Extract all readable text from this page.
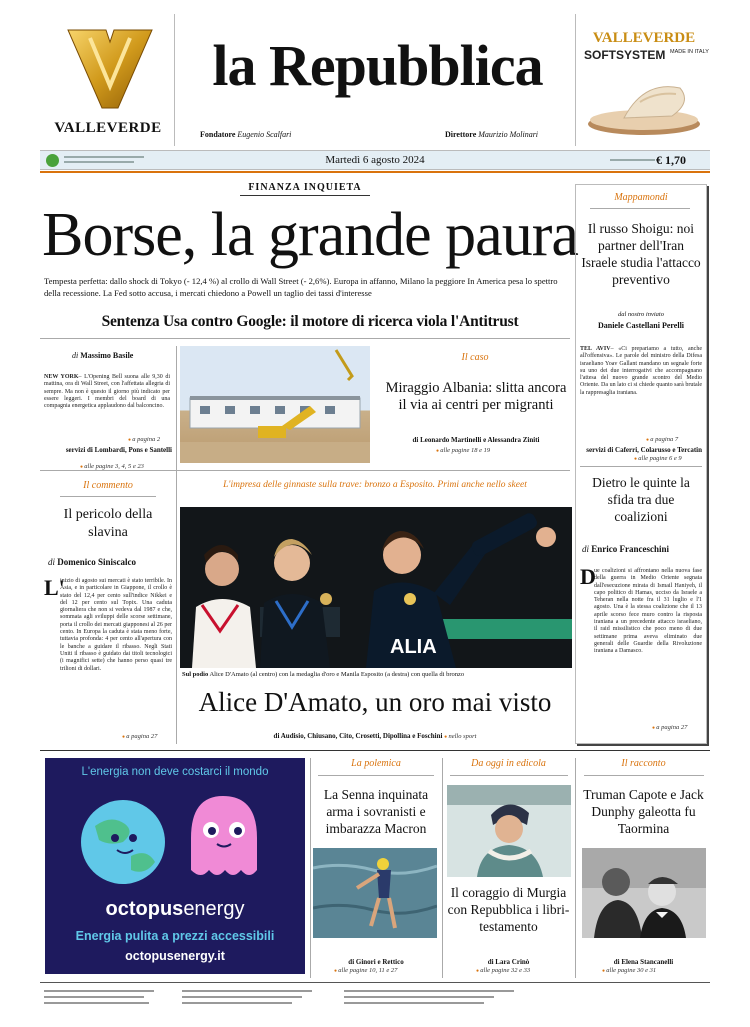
VALLEVERDE
la Repubblica
Fondatore Eugenio Scalfari	Direttore Maurizio Molinari
VALLEVERDE
SOFTSYSTEM MADE IN ITALY
Martedì 6 agosto 2024	€ 1,70
FINANZA INQUIETA
Borse, la grande paura
Tempesta perfetta: dallo shock di Tokyo (- 12,4 %) al crollo di Wall Street (- 2,6%). Europa in affanno, Milano la peggiore In America pesa lo spettro della recessione. La Fed sotto accusa, i mercati chiedono a Powell un taglio dei tassi d'interesse
Sentenza Usa contro Google: il motore di ricerca viola l'Antitrust
di Massimo Basile
NEW YORK– L'Opening Bell suona alle 9,30 di mattina, ora di Wall Street, con l'affettata allegria di sempre. Ma non è questo il giorno più indicato per essere leggeri. I membri del board di una compagnia energetica applaudono dal balconcino.
● a pagina 2
servizi di Lombardi, Pons e Santelli
● alle pagine 3, 4, 5 e 23
Il caso
Miraggio Albania: slitta ancora il via ai centri per migranti
di Leonardo Martinelli e Alessandra Ziniti
● alle pagine 18 e 19
Mappamondi
Il russo Shoigu: noi partner dell'Iran Israele studia l'attacco preventivo
dal nostro inviato
Daniele Castellani Perelli
TEL AVIV– «Ci prepariamo a tutto, anche all'offensiva». Le parole del ministro della Difesa israeliano Yoav Gallant mandano un segnale forte su uno dei due interrogativi che accompagnano l'attesa del nuovo grande scontro del Medio Oriente. Da un lato ci si chiede quanto sarà brutale la rappresaglia iraniana.
● a pagina 7
servizi di Caferri, Colarusso e Tercatin
● alle pagine 6 e 9
Dietro le quinte la sfida tra due coalizioni
di Enrico Franceschini
D
ue coalizioni si affrontano nella nuova fase della guerra in Medio Oriente segnata dall'esecuzione mirata di Ismail Haniyeh, il capo politico di Hamas, ucciso da Israele a Teheran nella notte fra il 31 luglio e l'1 agosto. Una è la stessa coalizione che il 13 aprile scorso fece muro contro la risposta iraniana a un precedente attacco israeliano, il raid missilistico che poco meno di due settimane prima aveva eliminato due generali delle Guardie della Rivoluzione iraniana a Damasco.
● a pagina 27
Il commento
Il pericolo della slavina
di Domenico Siniscalco
L'
inizio di agosto sui mercati è stato terribile. In Asia, e in particolare in Giappone, il crollo è stato del 12,4 per cento sull'indice Nikkei e del 12 per cento sul Topix. Una caduta giornaliera che non si vedeva dal 1987 e che, sommata agli sviluppi delle scorse settimane, porta il crollo dei mercati giapponesi al 26 per cento. In Europa la caduta è stata meno forte, tuttavia profonda: 4 per cento all'apertura con le banche a guidare il ribasso. Negli Stati Uniti il ribasso è guidato dai titoli tecnologici (i magnifici sette) che hanno perso quasi tre trilioni di dollari.
● a pagina 27
L'impresa delle ginnaste sulla trave: bronzo a Esposito. Primi anche nello skeet
ALIA
Sul podio Alice D'Amato (al centro) con la medaglia d'oro e Manila Esposito (a destra) con quella di bronzo
Alice D'Amato, un oro mai visto
di Audisio, Chiusano, Cito, Crosetti, Dipollina e Foschini ● nello sport
L'energia non deve costarci il mondo
octopusenergy
Energia pulita a prezzi accessibili
octopusenergy.it
La polemica
La Senna inquinata arma i sovranisti e imbarazza Macron
di Ginori e Rettico
● alle pagine 10, 11 e 27
Da oggi in edicola
Il coraggio di Murgia con Repubblica i libri-testamento
di Lara Crinò
● alle pagine 32 e 33
Il racconto
Truman Capote e Jack Dunphy galeotta fu Taormina
di Elena Stancanelli
● alle pagine 30 e 31
